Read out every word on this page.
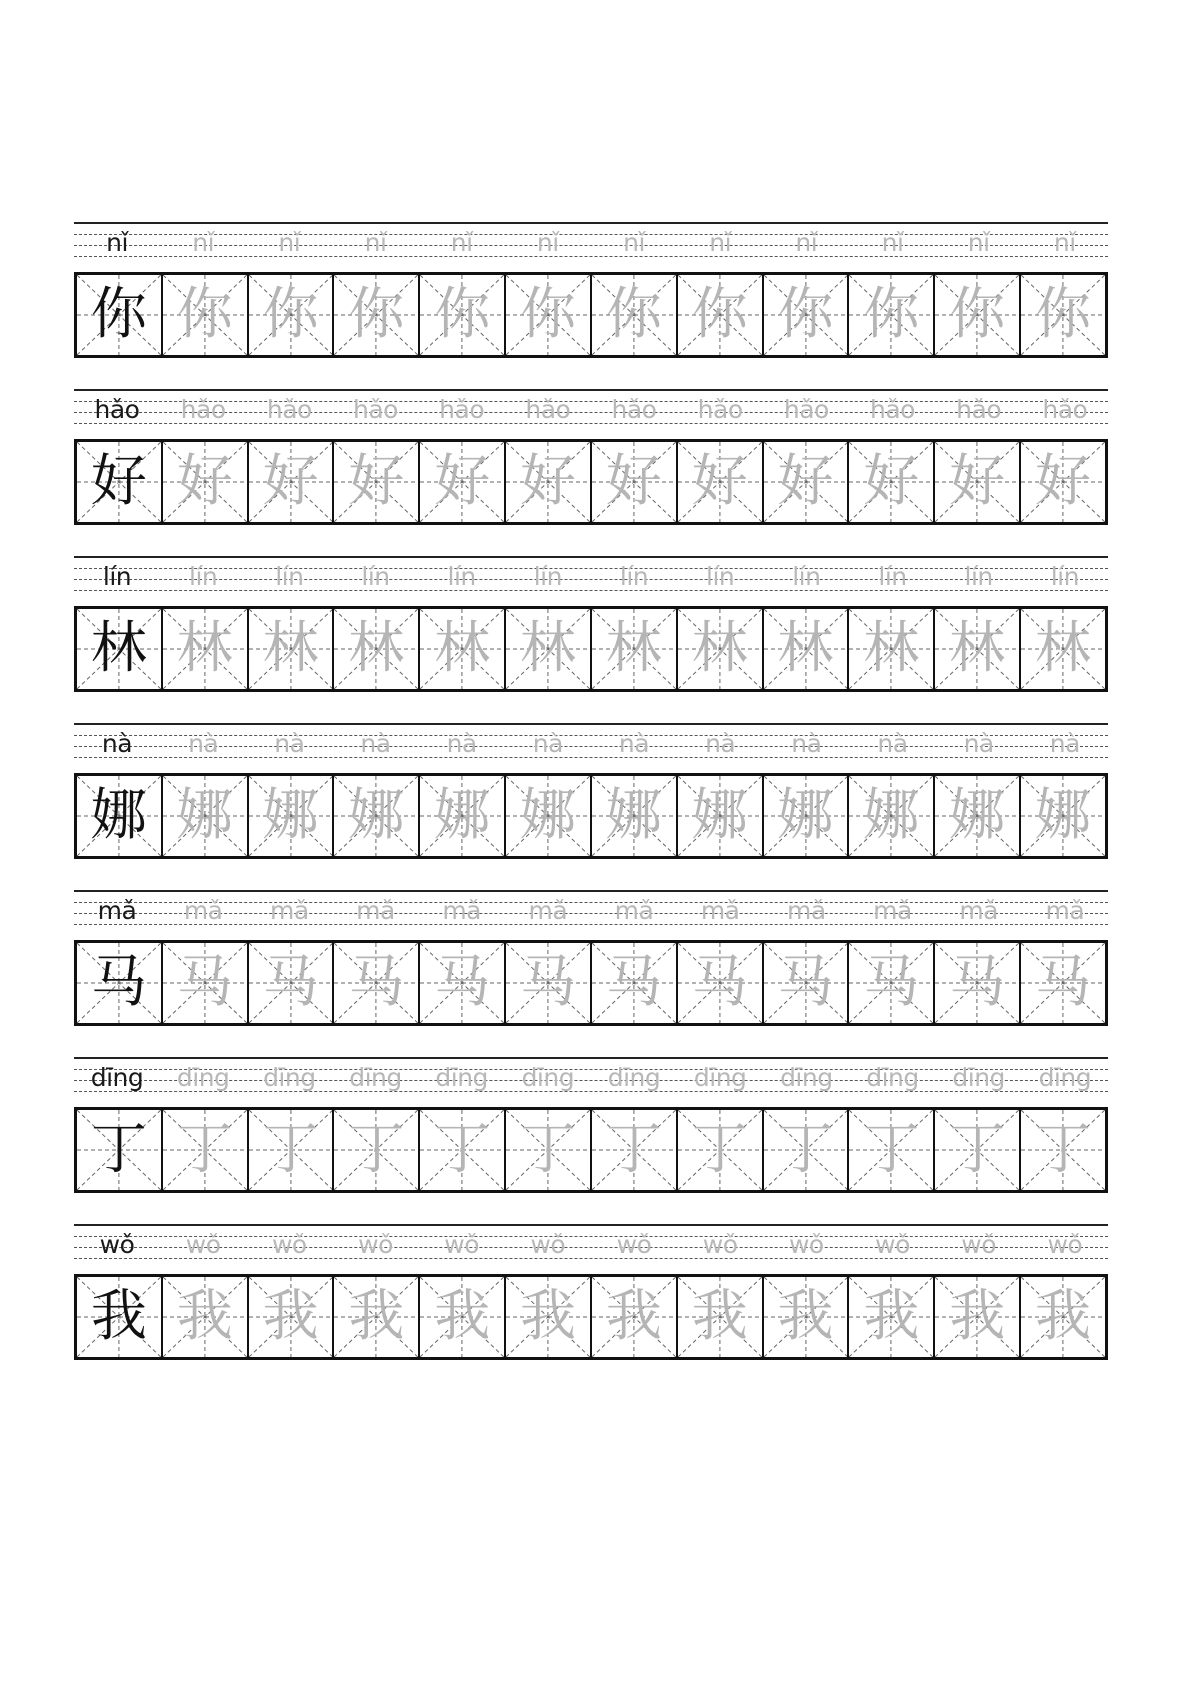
nǐ	nǐ	nǐ	nǐ	nǐ	nǐ	nǐ	nǐ	nǐ	nǐ	nǐ	nǐ
你 你 你 你 你 你 你 你 你 你 你 你
hǎo	hǎo	hǎo	hǎo	hǎo	hǎo	hǎo	hǎo	hǎo	hǎo	hǎo	hǎo
好 好 好 好 好 好 好 好 好 好 好 好
lín	lín	lín	lín	lín	lín	lín	lín	lín	lín	lín	lín
林 林 林 林 林 林 林 林 林 林 林 林
nà	nà	nà	nà	nà	nà	nà	nà	nà	nà	nà	nà
娜 娜 娜 娜 娜 娜 娜 娜 娜 娜 娜 娜
mǎ	mǎ	mǎ	mǎ	mǎ	mǎ	mǎ	mǎ	mǎ	mǎ	mǎ	mǎ
马 马 马 马 马 马 马 马 马 马 马 马
dīng	dīng	dīng	dīng	dīng	dīng	dīng	dīng	dīng	dīng	dīng	dīng
丁 丁 丁 丁 丁 丁 丁 丁 丁 丁 丁 丁
wǒ	wǒ	wǒ	wǒ	wǒ	wǒ	wǒ	wǒ	wǒ	wǒ	wǒ	wǒ
我 我 我 我 我 我 我 我 我 我 我 我
